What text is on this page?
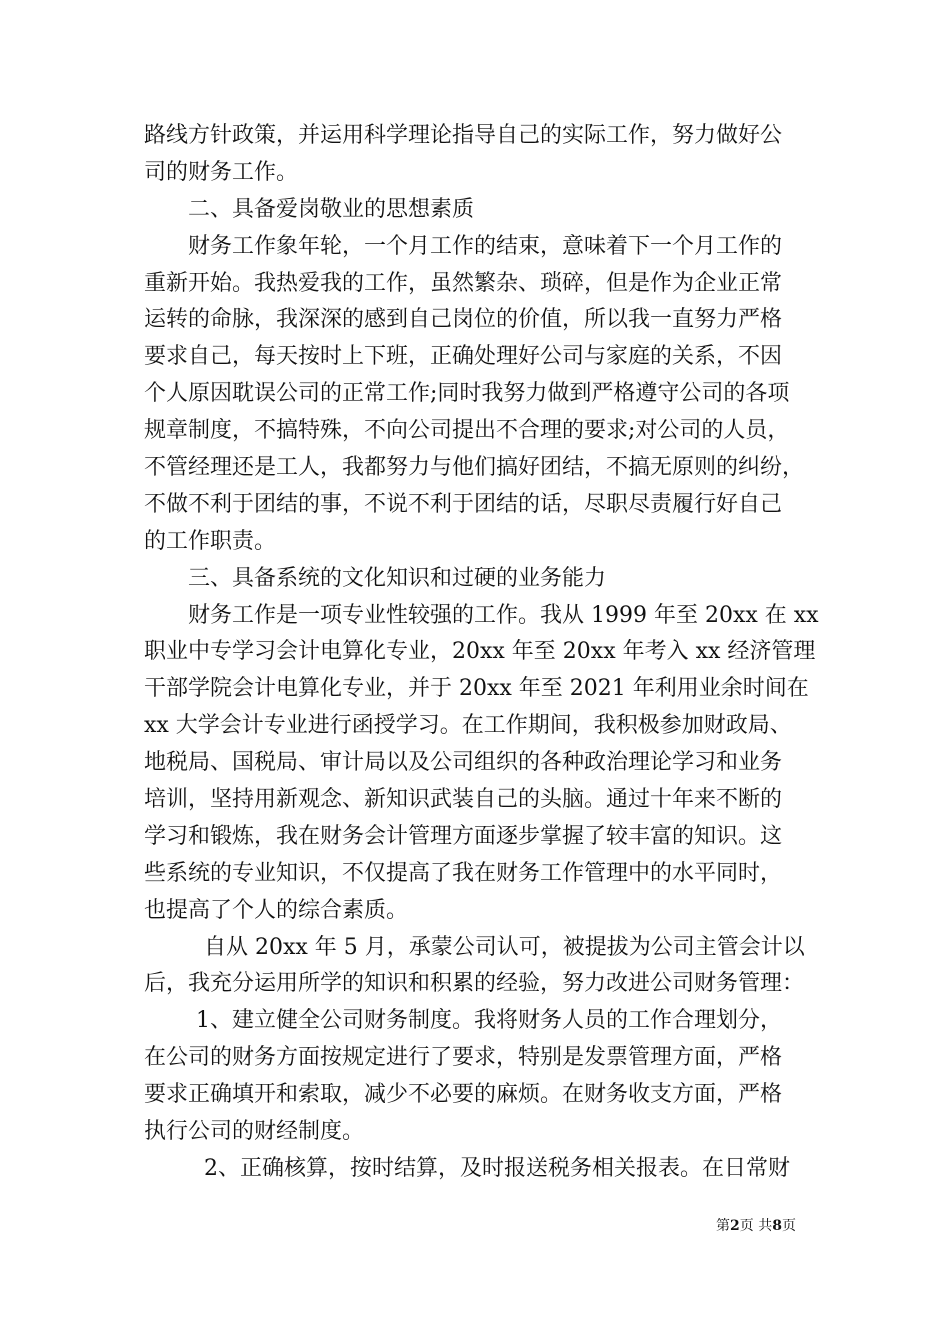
路线方针政策，并运用科学理论指导自己的实际工作，努力做好公
司的财务工作。
二、具备爱岗敬业的思想素质
财务工作象年轮，一个月工作的结束，意味着下一个月工作的
重新开始。我热爱我的工作，虽然繁杂、琐碎，但是作为企业正常
运转的命脉，我深深的感到自己岗位的价值，所以我一直努力严格
要求自己，每天按时上下班，正确处理好公司与家庭的关系，不因
个人原因耽误公司的正常工作;同时我努力做到严格遵守公司的各项
规章制度，不搞特殊，不向公司提出不合理的要求;对公司的人员，
不管经理还是工人，我都努力与他们搞好团结，不搞无原则的纠纷，
不做不利于团结的事，不说不利于团结的话，尽职尽责履行好自己
的工作职责。
三、具备系统的文化知识和过硬的业务能力
财务工作是一项专业性较强的工作。我从 1999 年至 20xx 在 xx
职业中专学习会计电算化专业，20xx 年至 20xx 年考入 xx 经济管理
干部学院会计电算化专业，并于 20xx 年至 2021 年利用业余时间在
xx 大学会计专业进行函授学习。在工作期间，我积极参加财政局、
地税局、国税局、审计局以及公司组织的各种政治理论学习和业务
培训，坚持用新观念、新知识武装自己的头脑。通过十年来不断的
学习和锻炼，我在财务会计管理方面逐步掌握了较丰富的知识。这
些系统的专业知识，不仅提高了我在财务工作管理中的水平同时，
也提高了个人的综合素质。
自从 20xx 年 5 月，承蒙公司认可，被提拔为公司主管会计以
后，我充分运用所学的知识和积累的经验，努力改进公司财务管理：
1、建立健全公司财务制度。我将财务人员的工作合理划分，
在公司的财务方面按规定进行了要求，特别是发票管理方面，严格
要求正确填开和索取，减少不必要的麻烦。在财务收支方面，严格
执行公司的财经制度。
2、正确核算，按时结算，及时报送税务相关报表。在日常财
第2页 共8页
